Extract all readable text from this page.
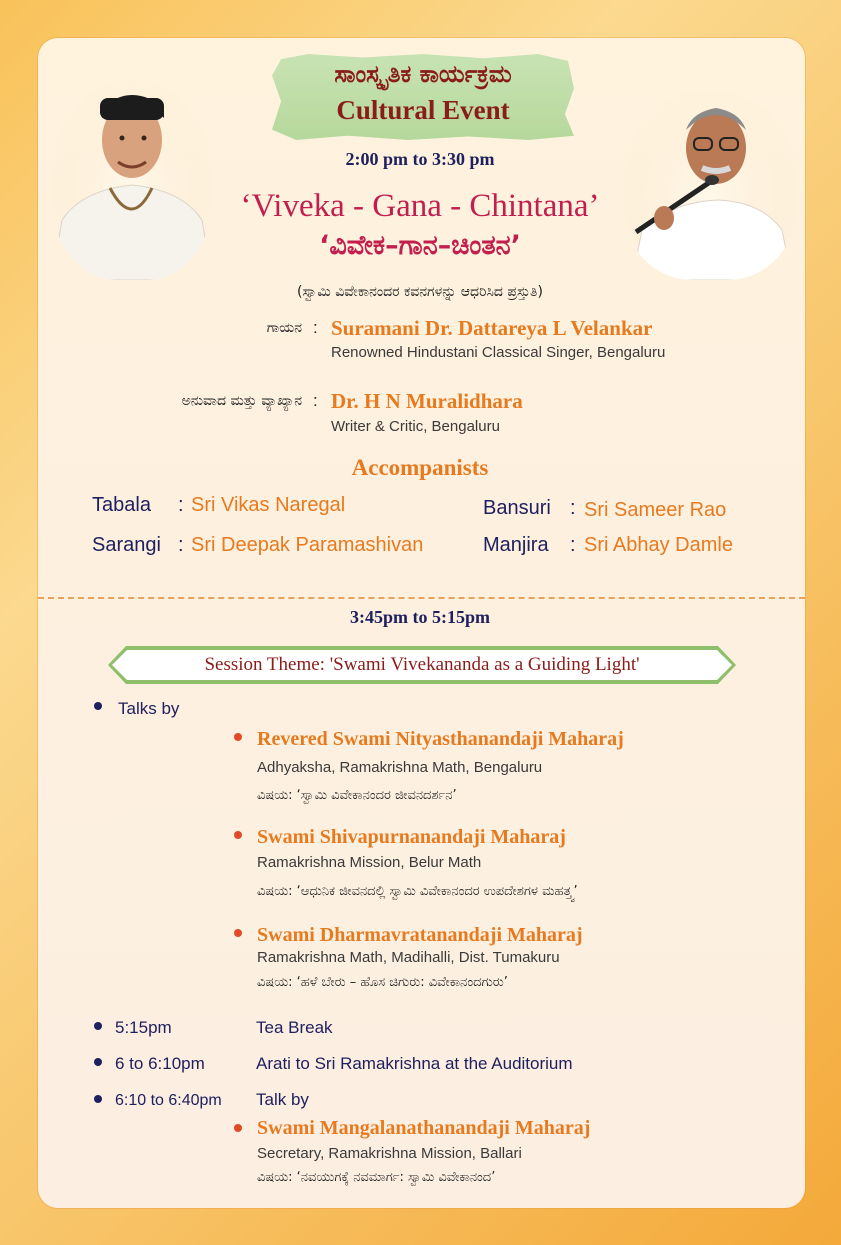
ಸಾಂಸ್ಕೃತಿಕ ಕಾರ್ಯಕ್ರಮ
Cultural Event
2:00 pm to 3:30 pm
‘Viveka - Gana - Chintana’
‘ವಿವೇಕ–ಗಾನ–ಚಿಂತನ’
(ಸ್ವಾಮಿ ವಿವೇಕಾನಂದರ ಕವನಗಳನ್ನು ಆಧರಿಸಿದ ಪ್ರಸ್ತುತಿ)
ಗಾಯನ : Suramani Dr. Dattareya L Velankar
Renowned Hindustani Classical Singer, Bengaluru
ಅನುವಾದ ಮತ್ತು ವ್ಯಾಖ್ಯಾನ : Dr. H N Muralidhara
Writer & Critic, Bengaluru
Accompanists
Tabala : Sri Vikas Naregal
Sarangi : Sri Deepak Paramashivan
Bansuri : Sri Sameer Rao
Manjira : Sri Abhay Damle
3:45pm to 5:15pm
Session Theme: 'Swami Vivekananda as a Guiding Light'
Talks by
Revered Swami Nityasthanandaji Maharaj
Adhyaksha, Ramakrishna Math, Bengaluru
ವಿಷಯ: ‘ಸ್ವಾಮಿ ವಿವೇಕಾನಂದರ ಜೀವನದರ್ಶನ’
Swami Shivapurnanandaji Maharaj
Ramakrishna Mission, Belur Math
ವಿಷಯ: ‘ಆಧುನಿಕ ಜೀವನದಲ್ಲಿ ಸ್ವಾಮಿ ವಿವೇಕಾನಂದರ ಉಪದೇಶಗಳ ಮಹತ್ತ್ವ’
Swami Dharmavratanandaji Maharaj
Ramakrishna Math, Madihalli, Dist. Tumakuru
ವಿಷಯ: ‘ಹಳೆ ಬೇರು – ಹೊಸ ಚಿಗುರು: ವಿವೇಕಾನಂದಗುರು’
5:15pm	Tea Break
6 to 6:10pm	Arati to Sri Ramakrishna at the Auditorium
6:10 to 6:40pm Talk by
Swami Mangalanathanandaji Maharaj
Secretary, Ramakrishna Mission, Ballari
ವಿಷಯ: ‘ನವಯುಗಕ್ಕೆ ನವಮಾರ್ಗ: ಸ್ವಾಮಿ ವಿವೇಕಾನಂದ’
